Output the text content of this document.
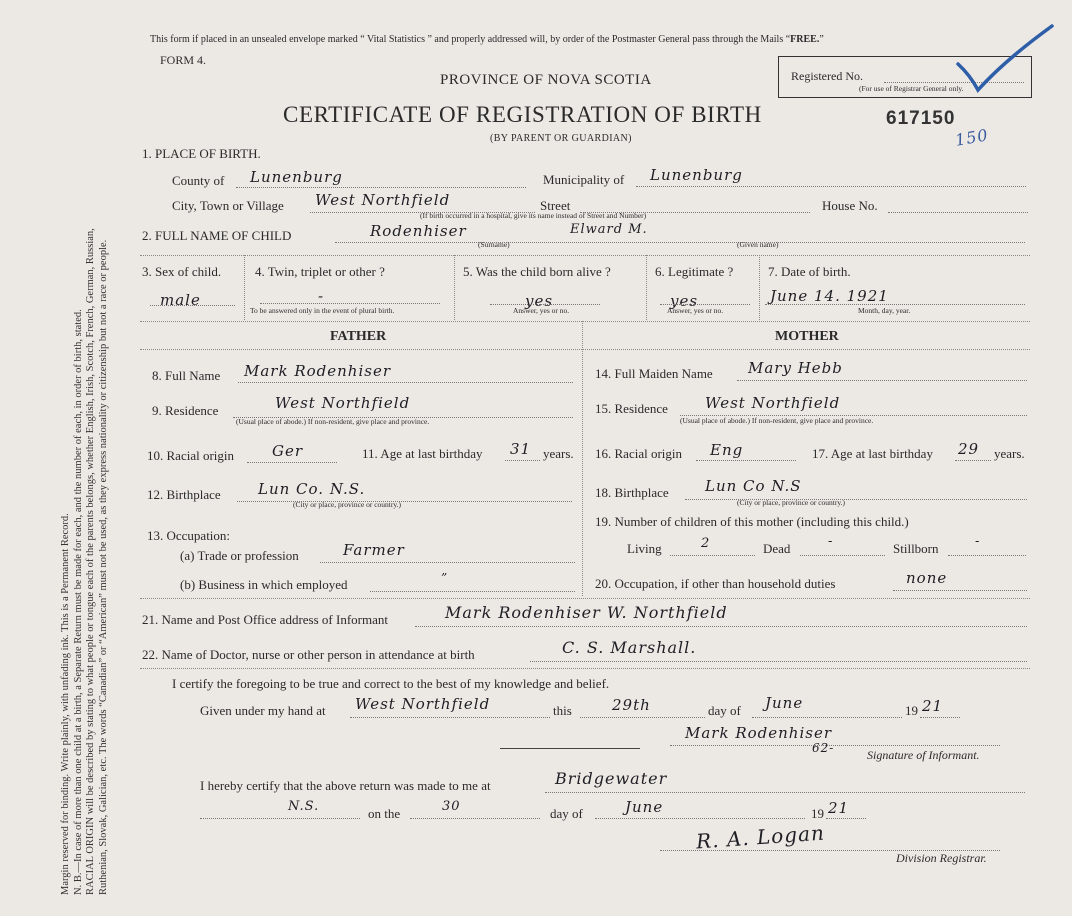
Margin reserved for binding. Write plainly, with unfading ink. This is a Permanent Record. N. B.—In case of more than one child at a birth, a Separate Return must be made for each, and the number of each, in order of birth, stated. RACIAL ORIGIN will be described by stating to what people or tongue each of the parents belongs, whether English, Irish, Scotch, French, German, Russian, Ruthenian, Slovak, Galician, etc. The words “Canadian” or “American” must not be used, as they express nationality or citizenship but not a race or people.
This form if placed in an unsealed envelope marked “ Vital Statistics ” and properly addressed will, by order of the Postmaster General pass through the Mails “FREE.”
FORM 4.
PROVINCE OF NOVA SCOTIA
CERTIFICATE OF REGISTRATION OF BIRTH
(BY PARENT OR GUARDIAN)
617150
150
Registered No.
(For use of Registrar General only.
1. PLACE OF BIRTH.
County of Lunenburg	Municipality of Lunenburg
City, Town or Village West Northfield	Street	House No.
(If birth occurred in a hospital, give its name instead of Street and Number)
2. FULL NAME OF CHILD	Rodenhiser	Elward M.
(Surname)	(Given name)
3. Sex of child.
male
4. Twin, triplet or other ?
-
To be answered only in the event of plural birth.
5. Was the child born alive ?
yes
Answer, yes or no.
6. Legitimate ?
yes
Answer, yes or no.
7. Date of birth.
June 14. 1921
Month, day, year.
FATHER	MOTHER
8. Full Name Mark Rodenhiser
9. Residence	West Northfield
(Usual place of abode.) If non-resident, give place and province.
10. Racial origin	Ger	11. Age at last birthday 31 years.
12. Birthplace Lun Co. N.S.
(City or place, province or country.)
13. Occupation:
(a) Trade or profession	Farmer
(b) Business in which employed	”
14. Full Maiden Name Mary Hebb
15. Residence West Northfield
(Usual place of abode.) If non-resident, give place and province.
16. Racial origin Eng	17. Age at last birthday 29 years.
18. Birthplace Lun Co N.S
(City or place, province or country.)
19. Number of children of this mother (including this child.)
Living	2	Dead	-	Stillborn	-
20. Occupation, if other than household duties	none
21. Name and Post Office address of Informant	Mark Rodenhiser W. Northfield
22. Name of Doctor, nurse or other person in attendance at birth	C. S. Marshall.
I certify the foregoing to be true and correct to the best of my knowledge and belief.
Given under my hand at West Northfield	this	29th	day of June	19 21
Mark Rodenhiser
62-	Signature of Informant.
I hereby certify that the above return was made to me at	Bridgewater
N.S.	on the	30	day of	June	19 21
R. A. Logan
Division Registrar.
